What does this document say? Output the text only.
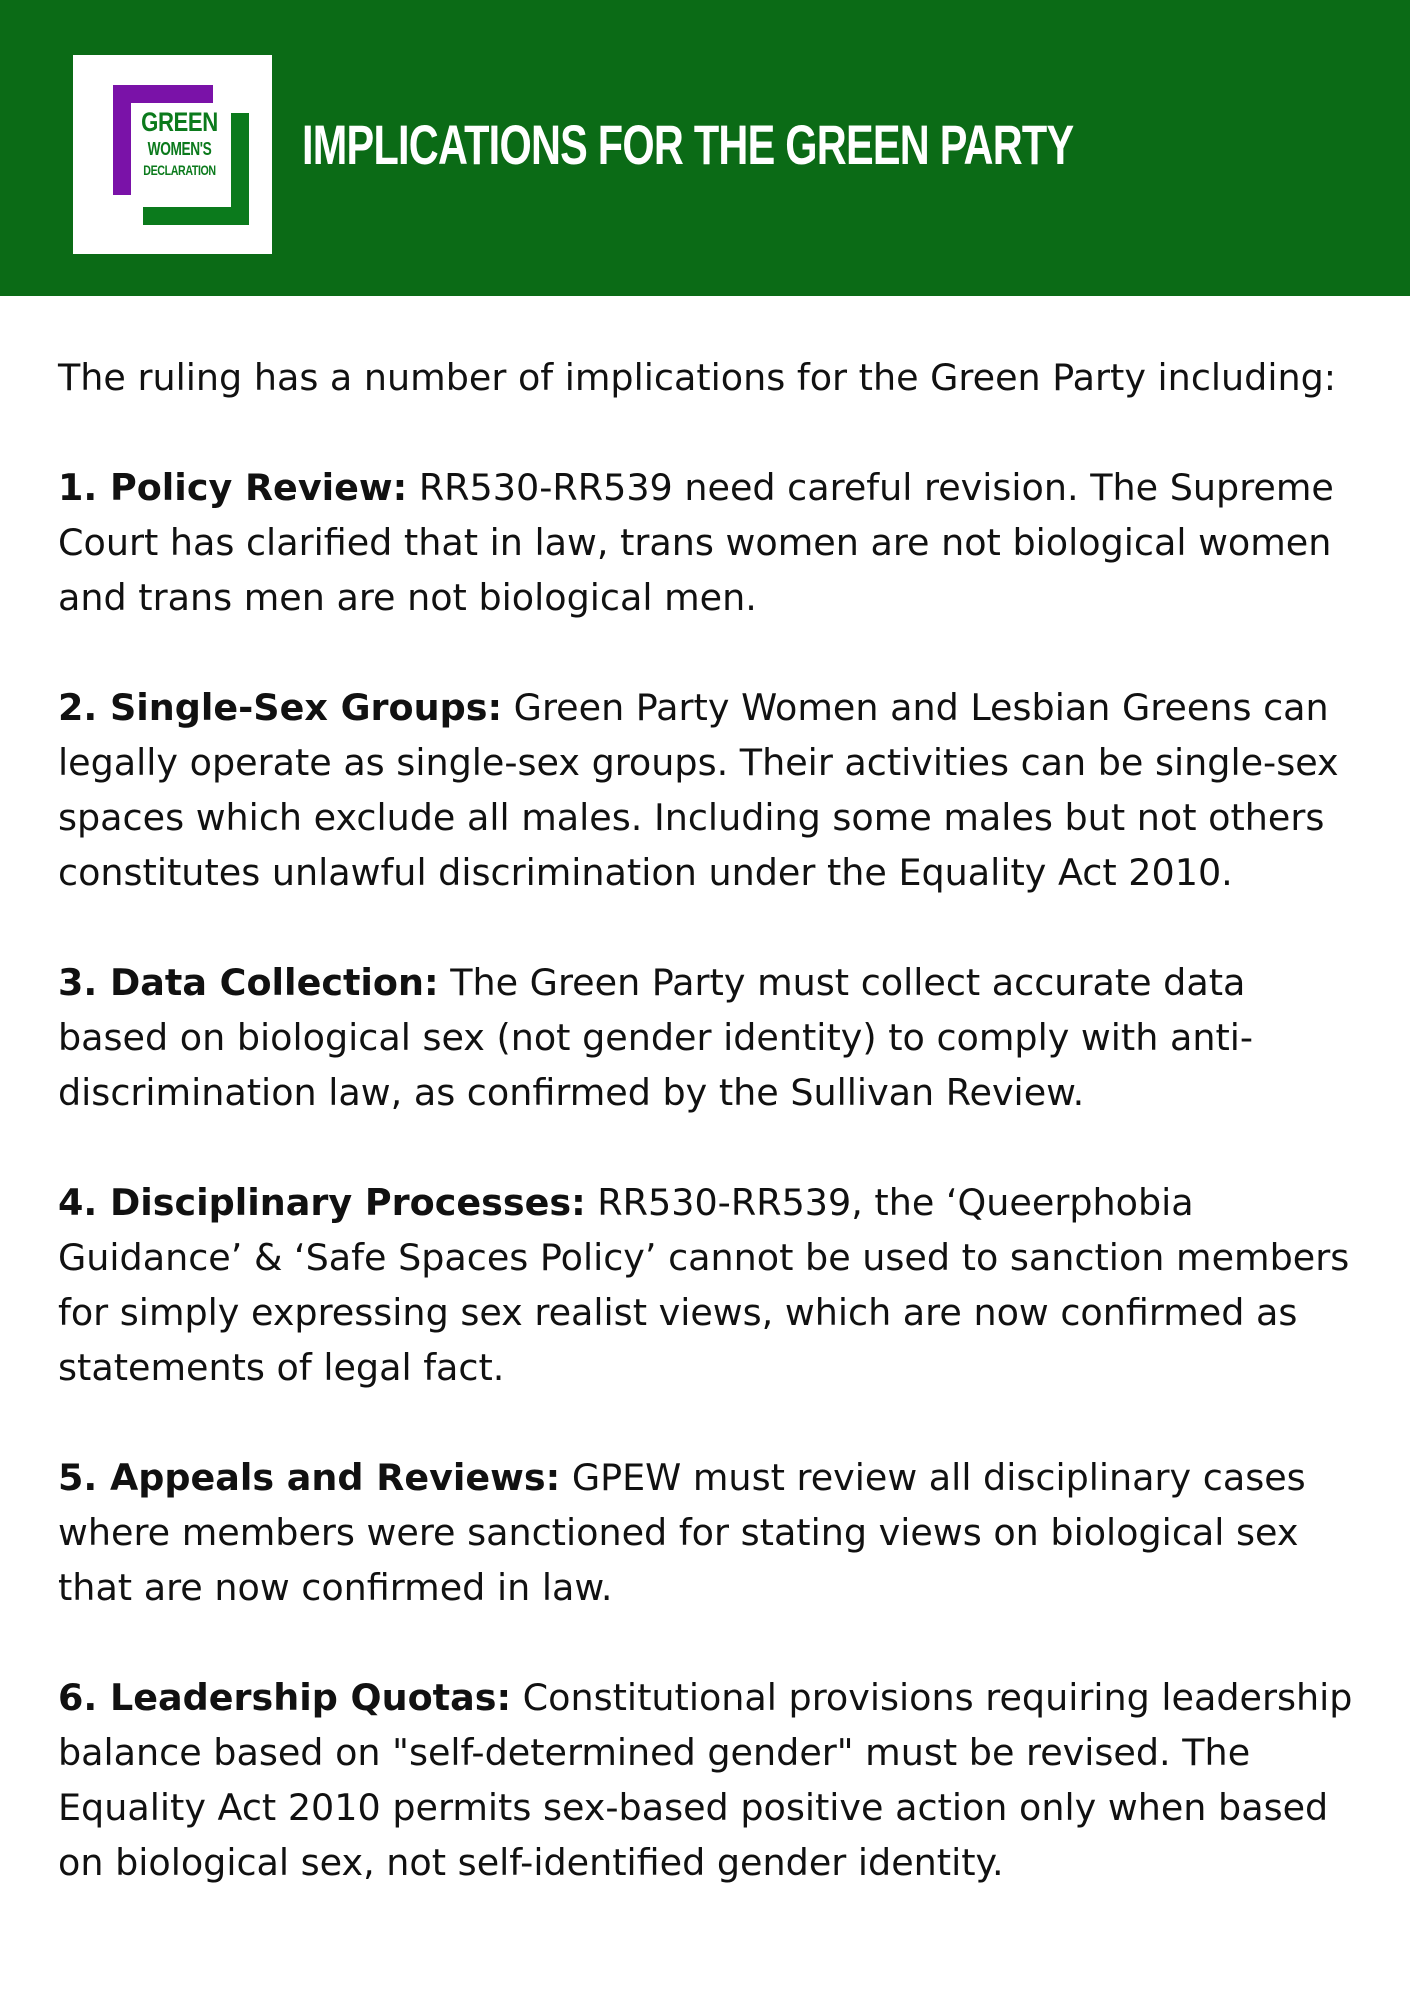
GREEN
WOMEN'S
DECLARATION IMPLICATIONS FOR THE GREEN PARTY

The ruling has a number of implications for the Green Party including:

1. Policy Review: RR530-RR539 need careful revision. The Supreme Court has clarified that in law, trans women are not biological women and trans men are not biological men.

2. Single-Sex Groups: Green Party Women and Lesbian Greens can legally operate as single-sex groups. Their activities can be single-sex spaces which exclude all males. Including some males but not others constitutes unlawful discrimination under the Equality Act 2010.

3. Data Collection: The Green Party must collect accurate data based on biological sex (not gender identity) to comply with anti-discrimination law, as confirmed by the Sullivan Review.

4. Disciplinary Processes: RR530-RR539, the ‘Queerphobia Guidance’ & ‘Safe Spaces Policy’ cannot be used to sanction members for simply expressing sex realist views, which are now confirmed as statements of legal fact.

5. Appeals and Reviews: GPEW must review all disciplinary cases where members were sanctioned for stating views on biological sex that are now confirmed in law.

6. Leadership Quotas: Constitutional provisions requiring leadership balance based on "self-determined gender" must be revised. The Equality Act 2010 permits sex-based positive action only when based on biological sex, not self-identified gender identity.
